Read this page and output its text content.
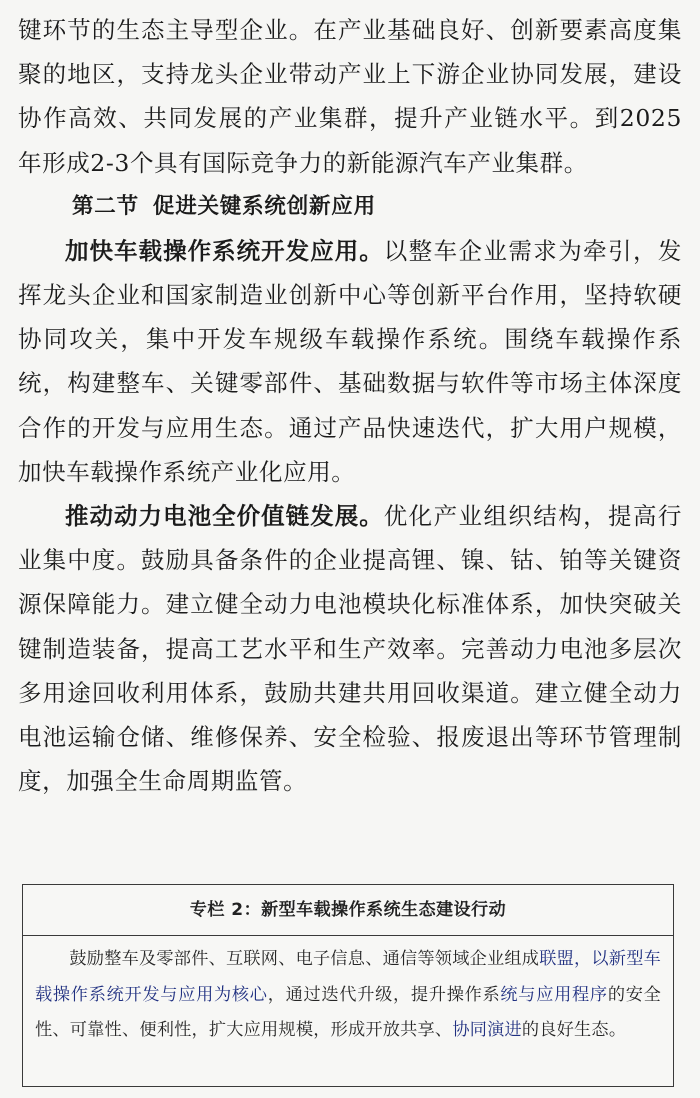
键环节的生态主导型企业。在产业基础良好、创新要素高度集聚的地区，支持龙头企业带动产业上下游企业协同发展，建设协作高效、共同发展的产业集群，提升产业链水平。到2025年形成2-3个具有国际竞争力的新能源汽车产业集群。

第二节 促进关键系统创新应用

加快车载操作系统开发应用。以整车企业需求为牵引，发挥龙头企业和国家制造业创新中心等创新平台作用，坚持软硬协同攻关，集中开发车规级车载操作系统。围绕车载操作系统，构建整车、关键零部件、基础数据与软件等市场主体深度合作的开发与应用生态。通过产品快速迭代，扩大用户规模，加快车载操作系统产业化应用。

推动动力电池全价值链发展。优化产业组织结构，提高行业集中度。鼓励具备条件的企业提高锂、镍、钴、铂等关键资源保障能力。建立健全动力电池模块化标准体系，加快突破关键制造装备，提高工艺水平和生产效率。完善动力电池多层次多用途回收利用体系，鼓励共建共用回收渠道。建立健全动力电池运输仓储、维修保养、安全检验、报废退出等环节管理制度，加强全生命周期监管。

专栏 2：新型车载操作系统生态建设行动
鼓励整车及零部件、互联网、电子信息、通信等领域企业组成联盟，以新型车载操作系统开发与应用为核心，通过迭代升级，提升操作系统与应用程序的安全性、可靠性、便利性，扩大应用规模，形成开放共享、协同演进的良好生态。
